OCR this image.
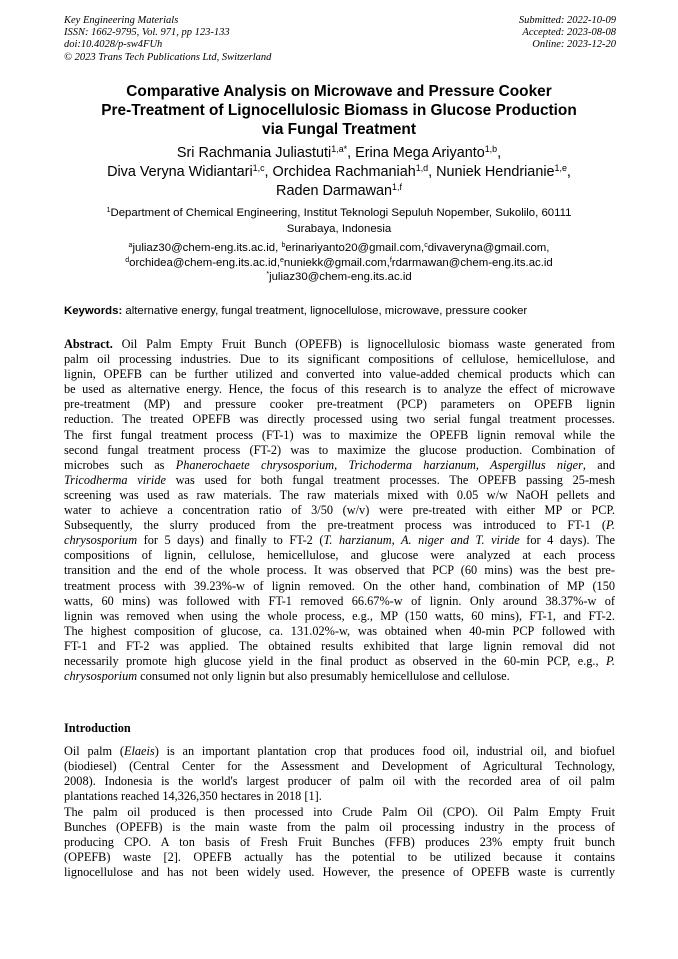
Key Engineering Materials
ISSN: 1662-9795, Vol. 971, pp 123-133
doi:10.4028/p-sw4FUh
© 2023 Trans Tech Publications Ltd, Switzerland
Submitted: 2022-10-09
Accepted: 2023-08-08
Online: 2023-12-20
Comparative Analysis on Microwave and Pressure Cooker
Pre-Treatment of Lignocellulosic Biomass in Glucose Production
via Fungal Treatment
Sri Rachmania Juliastuti$^{1,a*}$, Erina Mega Ariyanto$^{1,b}$,
Diva Veryna Widiantari$^{1,c}$, Orchidea Rachmaniah$^{1,d}$, Nuniek Hendrianie$^{1,e}$,
Raden Darmawan$^{1,f}$
$^1$Department of Chemical Engineering, Institut Teknologi Sepuluh Nopember, Sukolilo, 60111
Surabaya, Indonesia
$^a$juliaz30@chem-eng.its.ac.id, $^b$erinariyanto20@gmail.com,$^c$divaveryna@gmail.com,
$^d$orchidea@chem-eng.its.ac.id,$^e$nuniekk@gmail.com,$^f$rdarmawan@chem-eng.its.ac.id
*juliaz30@chem-eng.its.ac.id
Keywords: alternative energy, fungal treatment, lignocellulose, microwave, pressure cooker
Abstract. Oil Palm Empty Fruit Bunch (OPEFB) is lignocellulosic biomass waste generated from
palm oil processing industries. Due to its significant compositions of cellulose, hemicellulose, and
lignin, OPEFB can be further utilized and converted into value-added chemical products which can
be used as alternative energy. Hence, the focus of this research is to analyze the effect of microwave
pre-treatment (MP) and pressure cooker pre-treatment (PCP) parameters on OPEFB lignin
reduction. The treated OPEFB was directly processed using two serial fungal treatment processes.
The first fungal treatment process (FT-1) was to maximize the OPEFB lignin removal while the
second fungal treatment process (FT-2) was to maximize the glucose production. Combination of
microbes such as Phanerochaete chrysosporium, Trichoderma harzianum, Aspergillus niger, and
Tricodherma viride was used for both fungal treatment processes. The OPEFB passing 25-mesh
screening was used as raw materials. The raw materials mixed with 0.05 w/w NaOH pellets and
water to achieve a concentration ratio of 3/50 (w/v) were pre-treated with either MP or PCP.
Subsequently, the slurry produced from the pre-treatment process was introduced to FT-1 (P.
chrysosporium for 5 days) and finally to FT-2 (T. harzianum, A. niger and T. viride for 4 days). The
compositions of lignin, cellulose, hemicellulose, and glucose were analyzed at each process
transition and the end of the whole process. It was observed that PCP (60 mins) was the best pre-
treatment process with 39.23%-w of lignin removed. On the other hand, combination of MP (150
watts, 60 mins) was followed with FT-1 removed 66.67%-w of lignin. Only around 38.37%-w of
lignin was removed when using the whole process, e.g., MP (150 watts, 60 mins), FT-1, and FT-2.
The highest composition of glucose, ca. 131.02%-w, was obtained when 40-min PCP followed with
FT-1 and FT-2 was applied. The obtained results exhibited that large lignin removal did not
necessarily promote high glucose yield in the final product as observed in the 60-min PCP, e.g., P.
chrysosporium consumed not only lignin but also presumably hemicellulose and cellulose.
Introduction
Oil palm (Elaeis) is an important plantation crop that produces food oil, industrial oil, and biofuel
(biodiesel) (Central Center for the Assessment and Development of Agricultural Technology,
2008). Indonesia is the world's largest producer of palm oil with the recorded area of oil palm
plantations reached 14,326,350 hectares in 2018 [1].
The palm oil produced is then processed into Crude Palm Oil (CPO). Oil Palm Empty Fruit
Bunches (OPEFB) is the main waste from the palm oil processing industry in the process of
producing CPO. A ton basis of Fresh Fruit Bunches (FFB) produces 23% empty fruit bunch
(OPEFB) waste [2]. OPEFB actually has the potential to be utilized because it contains
lignocellulose and has not been widely used. However, the presence of OPEFB waste is currently
